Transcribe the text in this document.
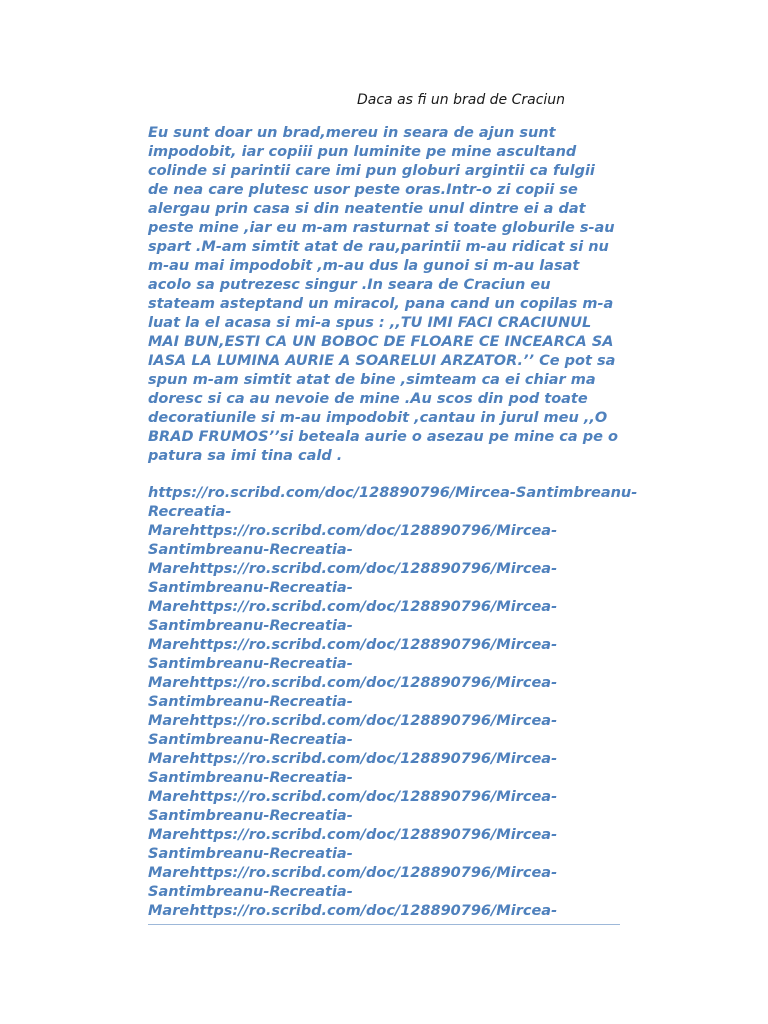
Daca as fi un brad de Craciun

Eu sunt doar un brad,mereu in seara de ajun sunt impodobit, iar copiii pun luminite pe mine ascultand colinde si parintii care imi pun globuri argintii ca fulgii de nea care plutesc usor peste oras.Intr-o zi copii se alergau prin casa si din neatentie unul dintre ei a dat peste mine ,iar eu m-am rasturnat si toate globurile s-au spart .M-am simtit atat de rau,parintii m-au ridicat si nu m-au mai impodobit ,m-au dus la gunoi si m-au lasat acolo sa putrezesc singur .In seara de Craciun eu stateam asteptand un miracol, pana cand un copilas m-a luat la el acasa si mi-a spus : ,,TU IMI FACI CRACIUNUL MAI BUN,ESTI CA UN BOBOC DE FLOARE CE INCEARCA SA IASA LA LUMINA AURIE A SOARELUI ARZATOR.’’ Ce pot sa spun m-am simtit atat de bine ,simteam ca ei chiar ma doresc si ca au nevoie de mine .Au scos din pod toate decoratiunile si m-au impodobit ,cantau in jurul meu ,,O BRAD FRUMOS’’si beteala aurie o asezau pe mine ca pe o patura sa imi tina cald .

https://ro.scribd.com/doc/128890796/Mircea-Santimbreanu-
Recreatia-
Marehttps://ro.scribd.com/doc/128890796/Mircea-
Santimbreanu-Recreatia-
Marehttps://ro.scribd.com/doc/128890796/Mircea-
Santimbreanu-Recreatia-
Marehttps://ro.scribd.com/doc/128890796/Mircea-
Santimbreanu-Recreatia-
Marehttps://ro.scribd.com/doc/128890796/Mircea-
Santimbreanu-Recreatia-
Marehttps://ro.scribd.com/doc/128890796/Mircea-
Santimbreanu-Recreatia-
Marehttps://ro.scribd.com/doc/128890796/Mircea-
Santimbreanu-Recreatia-
Marehttps://ro.scribd.com/doc/128890796/Mircea-
Santimbreanu-Recreatia-
Marehttps://ro.scribd.com/doc/128890796/Mircea-
Santimbreanu-Recreatia-
Marehttps://ro.scribd.com/doc/128890796/Mircea-
Santimbreanu-Recreatia-
Marehttps://ro.scribd.com/doc/128890796/Mircea-
Santimbreanu-Recreatia-
Marehttps://ro.scribd.com/doc/128890796/Mircea-
